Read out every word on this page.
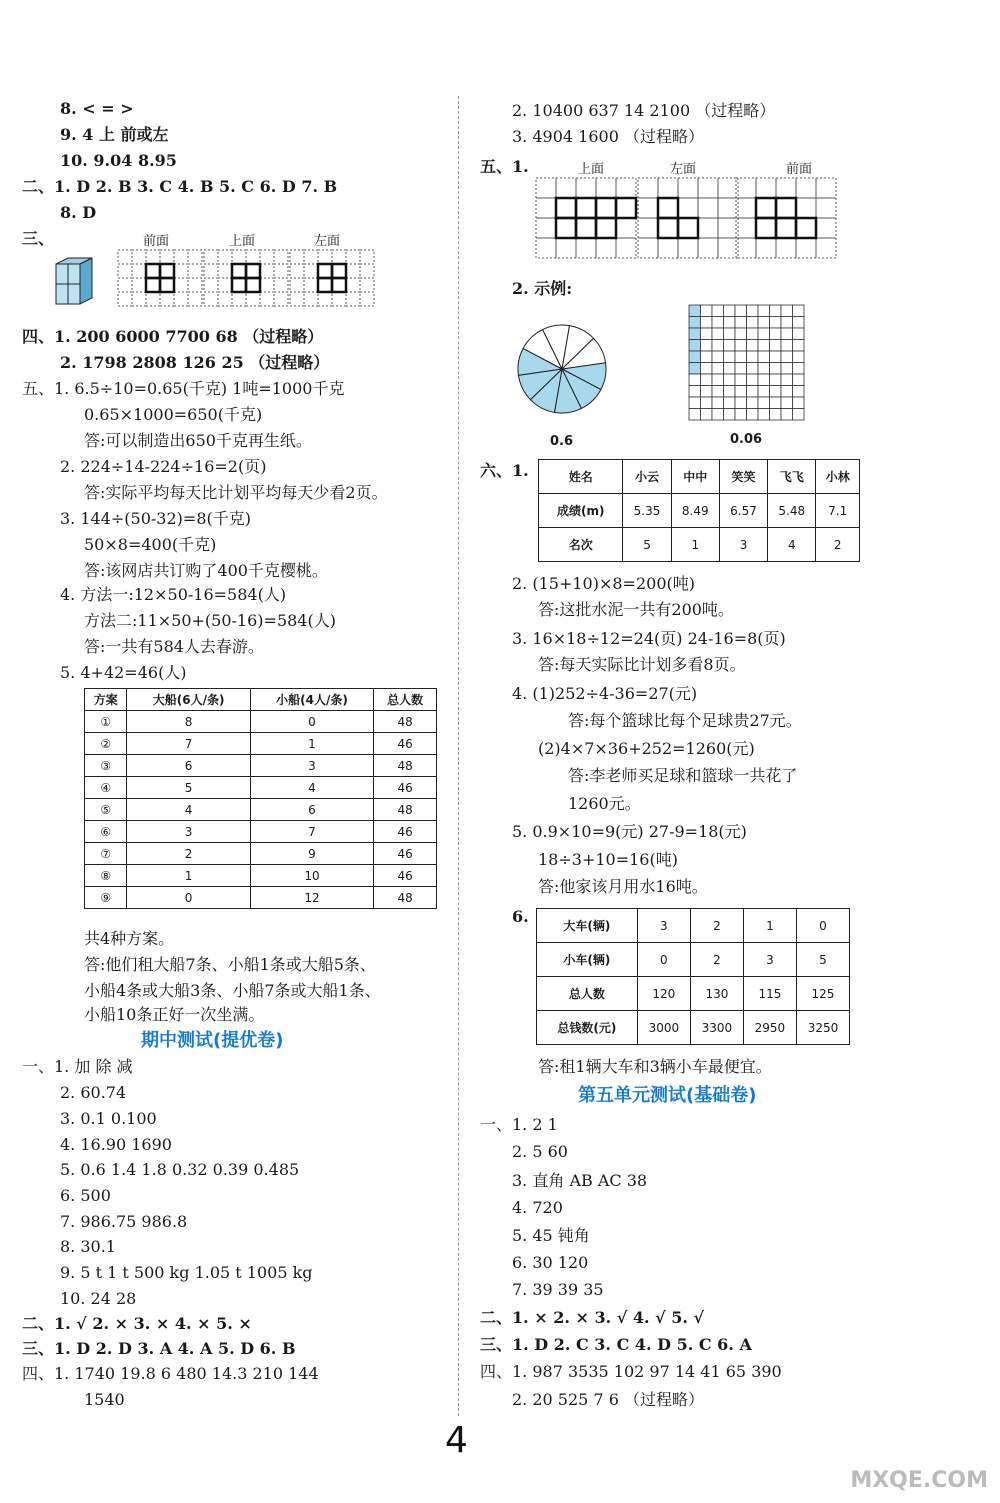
8. < = >
9. 4 上 前或左
10. 9.04 8.95
二、1. D 2. B 3. C 4. B 5. C 6. D 7. B
8. D
三、	前面	上面	左面
四、1. 200 6000 7700 68 （过程略）
2. 1798 2808 126 25 （过程略）
五、1. 6.5÷10=0.65(千克) 1吨=1000千克
0.65×1000=650(千克)
答:可以制造出650千克再生纸。
2. 224÷14-224÷16=2(页)
答:实际平均每天比计划平均每天少看2页。
3. 144÷(50-32)=8(千克)
50×8=400(千克)
答:该网店共订购了400千克樱桃。
4. 方法一:12×50-16=584(人)
方法二:11×50+(50-16)=584(人)
答:一共有584人去春游。
5. 4+42=46(人)
方案	大船(6人/条)	小船(4人/条)	总人数
①	8	0	48
②	7	1	46
③	6	3	48
④	5	4	46
⑤	4	6	48
⑥	3	7	46
⑦	2	9	46
⑧	1	10	46
⑨	0	12	48
共4种方案。
答:他们租大船7条、小船1条或大船5条、
小船4条或大船3条、小船7条或大船1条、
小船10条正好一次坐满。
期中测试(提优卷)
一、1. 加 除 减
2. 60.74
3. 0.1 0.100
4. 16.90 1690
5. 0.6 1.4 1.8 0.32 0.39 0.485
6. 500
7. 986.75 986.8
8. 30.1
9. 5 t 1 t 500 kg 1.05 t 1005 kg
10. 24 28
二、1. √ 2. × 3. × 4. × 5. ×
三、1. D 2. D 3. A 4. A 5. D 6. B
四、1. 1740 19.8 6 480 14.3 210 144
1540
2. 10400 637 14 2100 （过程略）
3. 4904 1600 （过程略）
五、1.	上面	左面	前面
2. 示例:
0.6	0.06
六、1.	姓名	小云	中中	笑笑	飞飞	小林
成绩(m)	5.35	8.49	6.57	5.48	7.1
名次	5	1	3	4	2
2. (15+10)×8=200(吨)
答:这批水泥一共有200吨。
3. 16×18÷12=24(页) 24-16=8(页)
答:每天实际比计划多看8页。
4. (1)252÷4-36=27(元)
答:每个篮球比每个足球贵27元。
(2)4×7×36+252=1260(元)
答:李老师买足球和篮球一共花了
1260元。
5. 0.9×10=9(元) 27-9=18(元)
18÷3+10=16(吨)
答:他家该月用水16吨。
6.	大车(辆)	3	2	1	0
小车(辆)	0	2	3	5
总人数	120	130	115	125
总钱数(元)	3000	3300	2950	3250
答:租1辆大车和3辆小车最便宜。
第五单元测试(基础卷)
一、1. 2 1
2. 5 60
3. 直角 AB AC 38
4. 720
5. 45 钝角
6. 30 120
7. 39 39 35
二、1. × 2. × 3. √ 4. √ 5. √
三、1. D 2. C 3. C 4. D 5. C 6. A
四、1. 987 3535 102 97 14 41 65 390
2. 20 525 7 6 （过程略）
4
MXQE.COM
